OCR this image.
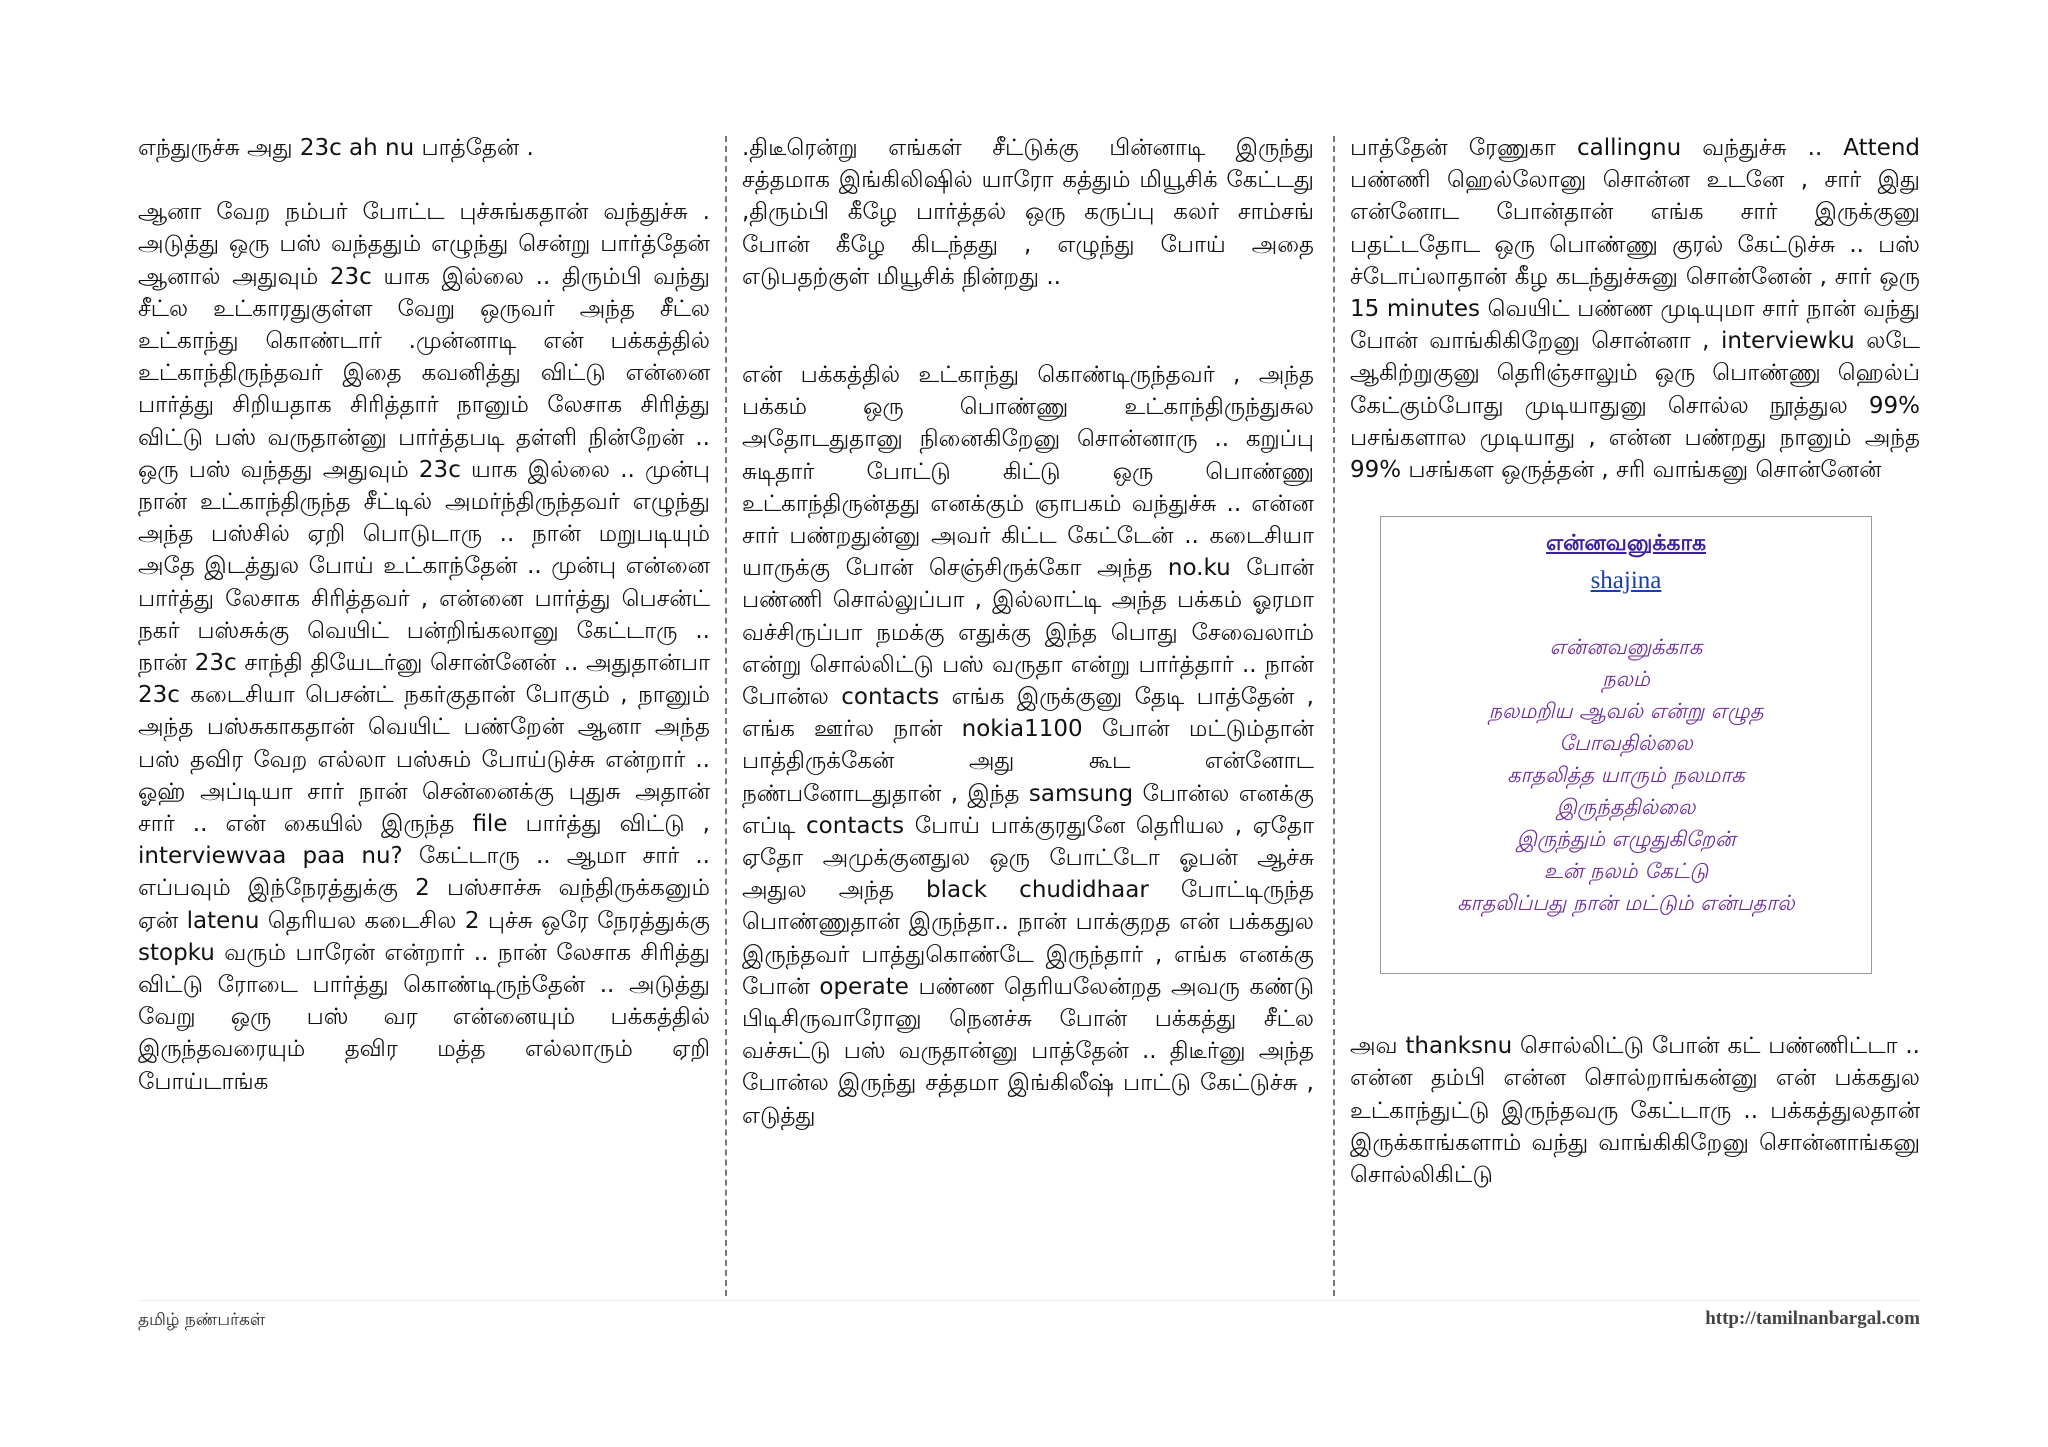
எந்துருச்சு அது 23c ah nu பாத்தேன் .

ஆனா வேற நம்பர் போட்ட புச்சுங்கதான் வந்துச்சு . அடுத்து ஒரு பஸ் வந்ததும் எழுந்து சென்று பார்த்தேன் ஆனால் அதுவும் 23c யாக இல்லை .. திரும்பி வந்து சீட்ல உட்காரதுகுள்ள வேறு ஒருவர் அந்த சீட்ல உட்காந்து கொண்டார் .முன்னாடி என் பக்கத்தில் உட்காந்திருந்தவர் இதை கவனித்து விட்டு என்னை பார்த்து சிறியதாக சிரித்தார் நானும் லேசாக சிரித்து விட்டு பஸ் வருதான்னு பார்த்தபடி தள்ளி நின்றேன் .. ஒரு பஸ் வந்தது அதுவும் 23c யாக இல்லை .. முன்பு நான் உட்காந்திருந்த சீட்டில் அமர்ந்திருந்தவர் எழுந்து அந்த பஸ்சில் ஏறி பொடுடாரு .. நான் மறுபடியும் அதே இடத்துல போய் உட்காந்தேன் .. முன்பு என்னை பார்த்து லேசாக சிரித்தவர் , என்னை பார்த்து பெசன்ட் நகர் பஸ்சுக்கு வெயிட் பன்றிங்கலானு கேட்டாரு .. நான் 23c சாந்தி தியேடர்னு சொன்னேன் .. அதுதான்பா 23c கடைசியா பெசன்ட் நகர்குதான் போகும் , நானும் அந்த பஸ்சுகாகதான் வெயிட் பண்றேன் ஆனா அந்த பஸ் தவிர வேற எல்லா பஸ்சும் போய்டுச்சு என்றார் .. ஓஹ் அப்டியா சார் நான் சென்னைக்கு புதுசு அதான் சார் .. என் கையில் இருந்த file பார்த்து விட்டு , interviewvaa paa nu? கேட்டாரு .. ஆமா சார் .. எப்பவும் இந்நேரத்துக்கு 2 பஸ்சாச்சு வந்திருக்கனும் ஏன் latenu தெரியல கடைசில 2 புச்சு ஒரே நேரத்துக்கு stopku வரும் பாரேன் என்றார் .. நான் லேசாக சிரித்து விட்டு ரோடை பார்த்து கொண்டிருந்தேன் .. அடுத்து வேறு ஒரு பஸ் வர என்னையும் பக்கத்தில் இருந்தவரையும் தவிர மத்த எல்லாரும் ஏறி போய்டாங்க

.திடீரென்று எங்கள் சீட்டுக்கு பின்னாடி இருந்து சத்தமாக இங்கிலிஷில் யாரோ கத்தும் மியூசிக் கேட்டது ,திரும்பி கீழே பார்த்தல் ஒரு கருப்பு கலர் சாம்சங் போன் கீழே கிடந்தது , எழுந்து போய் அதை எடுபதற்குள் மியூசிக் நின்றது ..

என் பக்கத்தில் உட்காந்து கொண்டிருந்தவர் , அந்த பக்கம் ஒரு பொண்ணு உட்காந்திருந்துசுல அதோடதுதானு நினைகிறேனு சொன்னாரு .. கறுப்பு சுடிதார் போட்டு கிட்டு ஒரு பொண்ணு உட்காந்திருன்தது எனக்கும் ஞாபகம் வந்துச்சு .. என்ன சார் பண்றதுன்னு அவர் கிட்ட கேட்டேன் .. கடைசியா யாருக்கு போன் செஞ்சிருக்கோ அந்த no.ku போன் பண்ணி சொல்லுப்பா , இல்லாட்டி அந்த பக்கம் ஓரமா வச்சிருப்பா நமக்கு எதுக்கு இந்த பொது சேவைலாம் என்று சொல்லிட்டு பஸ் வருதா என்று பார்த்தார் .. நான் போன்ல contacts எங்க இருக்குனு தேடி பாத்தேன் , எங்க ஊர்ல நான் nokia1100 போன் மட்டும்தான் பாத்திருக்கேன் அது கூட என்னோட நண்பனோடதுதான் , இந்த samsung போன்ல எனக்கு எப்டி contacts போய் பாக்குரதுனே தெரியல , ஏதோ ஏதோ அமுக்குனதுல ஒரு போட்டோ ஓபன் ஆச்சு அதுல அந்த black chudidhaar போட்டிருந்த பொண்ணுதான் இருந்தா.. நான் பாக்குறத என் பக்கதுல இருந்தவர் பாத்துகொண்டே இருந்தார் , எங்க எனக்கு போன் operate பண்ண தெரியலேன்றத அவரு கண்டு பிடிசிருவாரோனு நெனச்சு போன் பக்கத்து சீட்ல வச்சுட்டு பஸ் வருதான்னு பாத்தேன் .. திடீர்னு அந்த போன்ல இருந்து சத்தமா இங்கிலீஷ் பாட்டு கேட்டுச்சு , எடுத்து

பாத்தேன் ரேணுகா callingnu வந்துச்சு .. Attend பண்ணி ஹெல்லோனு சொன்ன உடனே , சார் இது என்னோட போன்தான் எங்க சார் இருக்குனு பதட்டதோட ஒரு பொண்ணு குரல் கேட்டுச்சு .. பஸ் ச்டோப்லாதான் கீழ கடந்துச்சுனு சொன்னேன் , சார் ஒரு 15 minutes வெயிட் பண்ண முடியுமா சார் நான் வந்து போன் வாங்கிகிறேனு சொன்னா , interviewku லடே ஆகிற்றுகுனு தெரிஞ்சாலும் ஒரு பொண்ணு ஹெல்ப் கேட்கும்போது முடியாதுனு சொல்ல நூத்துல 99% பசங்களால முடியாது , என்ன பண்றது நானும் அந்த 99% பசங்கள ஒருத்தன் , சரி வாங்கனு சொன்னேன்

என்னவனுக்காக
shajina
என்னவனுக்காக
நலம்
நலமறிய ஆவல் என்று எழுத
போவதில்லை
காதலித்த யாரும் நலமாக
இருந்ததில்லை
இருந்தும் எழுதுகிறேன்
உன் நலம் கேட்டு
காதலிப்பது நான் மட்டும் என்பதால்

அவ thanksnu சொல்லிட்டு போன் கட் பண்ணிட்டா .. என்ன தம்பி என்ன சொல்றாங்கன்னு என் பக்கதுல உட்காந்துட்டு இருந்தவரு கேட்டாரு .. பக்கத்துலதான் இருக்காங்களாம் வந்து வாங்கிகிறேனு சொன்னாங்கனு சொல்லிகிட்டு

தமிழ் நண்பர்கள்	http://tamilnanbargal.com
